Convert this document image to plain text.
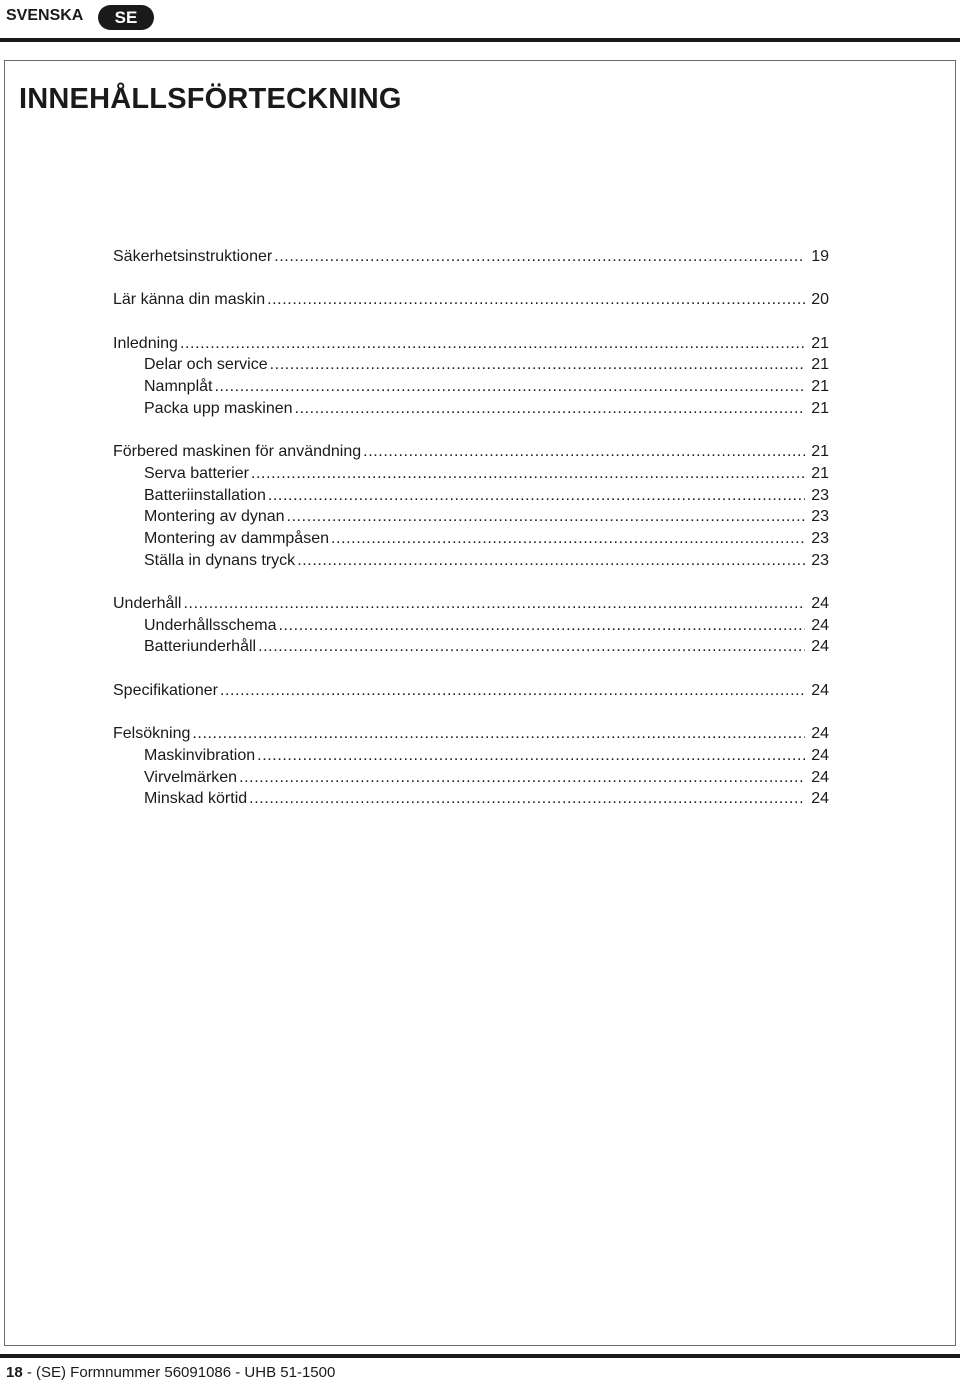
SVENSKA	SE
INNEHÅLLSFÖRTECKNING
Säkerhetsinstruktioner .....	19
Lär känna din maskin .....	20
Inledning .....	21
Delar och service .....	21
Namnplåt .....	21
Packa upp maskinen .....	21
Förbered maskinen för användning .....	21
Serva batterier .....	21
Batteriinstallation .....	23
Montering av dynan .....	23
Montering av dammpåsen .....	23
Ställa in dynans tryck .....	23
Underhåll .....	24
Underhållsschema .....	24
Batteriunderhåll .....	24
Specifikationer .....	24
Felsökning .....	24
Maskinvibration .....	24
Virvelmärken .....	24
Minskad körtid .....	24
18 - (SE) Formnummer 56091086 - UHB 51-1500
